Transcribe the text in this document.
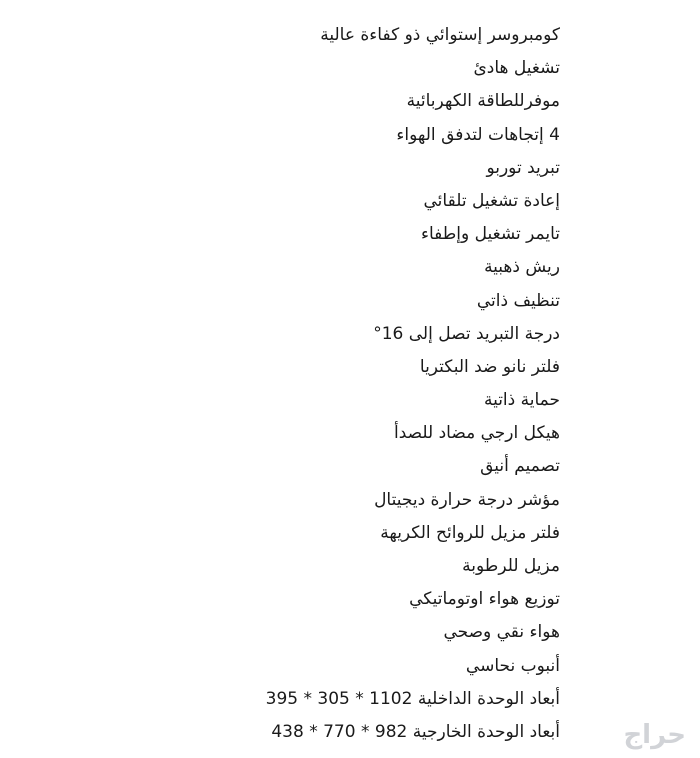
كومبروسر إستوائي ذو كفاءة عالية
تشغيل هادئ
موفرللطاقة الكهربائية
4 إتجاهات لتدفق الهواء
تبريد توربو
إعادة تشغيل تلقائي
تايمر تشغيل وإطفاء
ريش ذهبية
تنظيف ذاتي
درجة التبريد تصل إلى 16°
فلتر نانو ضد البكتريا
حماية ذاتية
هيكل ارجي مضاد للصدأ
تصميم أنيق
مؤشر درجة حرارة ديجيتال
فلتر مزيل للروائح الكريهة
مزيل للرطوبة
توزيع هواء اوتوماتيكي
هواء نقي وصحي
أنبوب نحاسي
أبعاد الوحدة الداخلية 1102 * 305 * 395
أبعاد الوحدة الخارجية 982 * 770 * 438 حراج
